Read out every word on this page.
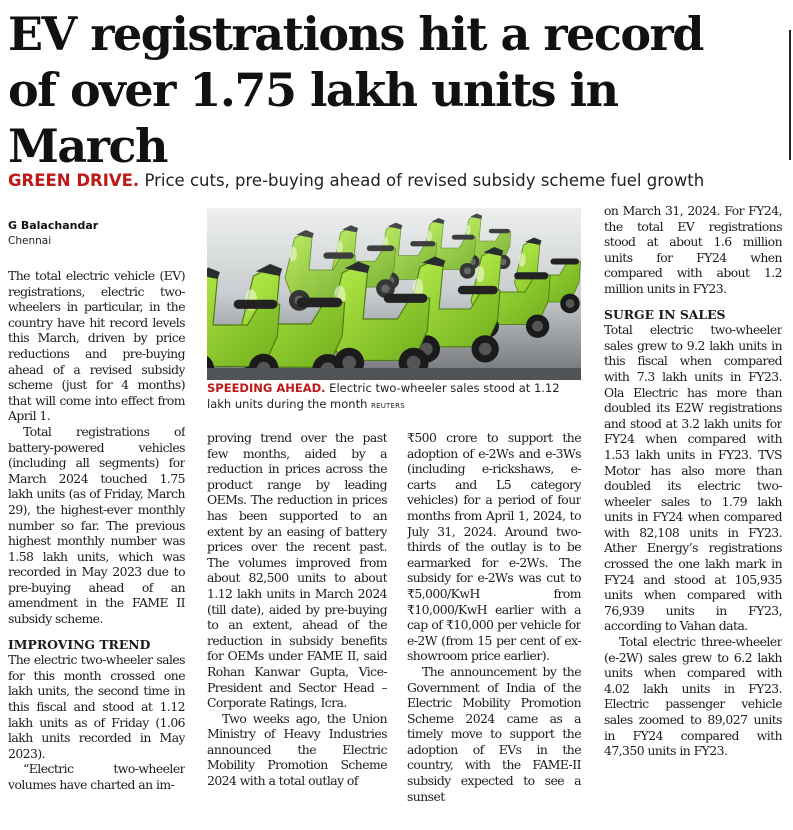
EV registrations hit a record
of over 1.75 lakh units in March
GREEN DRIVE. Price cuts, pre-buying ahead of revised subsidy scheme fuel growth
G Balachandar
Chennai

The total electric vehicle (EV) registrations, electric two-wheelers in particular, in the country have hit record levels this March, driven by price reductions and pre-buying ahead of a revised subsidy scheme (just for 4 months) that will come into effect from April 1.

Total registrations of battery-powered vehicles (including all segments) for March 2024 touched 1.75 lakh units (as of Friday, March 29), the highest-ever monthly number so far. The previous highest monthly number was 1.58 lakh units, which was recorded in May 2023 due to pre-buying ahead of an amendment in the FAME II subsidy scheme.

IMPROVING TREND

The electric two-wheeler sales for this month crossed one lakh units, the second time in this fiscal and stood at 1.12 lakh units as of Friday (1.06 lakh units recorded in May 2023).

“Electric two-wheeler volumes have charted an im-

SPEEDING AHEAD. Electric two-wheeler sales stood at 1.12 lakh units during the month REUTERS

proving trend over the past few months, aided by a reduction in prices across the product range by leading OEMs. The reduction in prices has been supported to an extent by an easing of battery prices over the recent past. The volumes improved from about 82,500 units to about 1.12 lakh units in March 2024 (till date), aided by pre-buying to an extent, ahead of the reduction in subsidy benefits for OEMs under FAME II, said Rohan Kanwar Gupta, Vice-President and Sector Head – Corporate Ratings, Icra.

Two weeks ago, the Union Ministry of Heavy Industries announced the Electric Mobility Promotion Scheme 2024 with a total outlay of

₹500 crore to support the adoption of e-2Ws and e-3Ws (including e-rickshaws, e-carts and L5 category vehicles) for a period of four months from April 1, 2024, to July 31, 2024. Around two-thirds of the outlay is to be earmarked for e-2Ws. The subsidy for e-2Ws was cut to ₹5,000/KwH from ₹10,000/KwH earlier with a cap of ₹10,000 per vehicle for e-2W (from 15 per cent of ex-showroom price earlier).

The announcement by the Government of India of the Electric Mobility Promotion Scheme 2024 came as a timely move to support the adoption of EVs in the country, with the FAME-II subsidy expected to see a sunset

on March 31, 2024. For FY24, the total EV registrations stood at about 1.6 million units for FY24 when compared with about 1.2 million units in FY23.

SURGE IN SALES

Total electric two-wheeler sales grew to 9.2 lakh units in this fiscal when compared with 7.3 lakh units in FY23. Ola Electric has more than doubled its E2W registrations and stood at 3.2 lakh units for FY24 when compared with 1.53 lakh units in FY23. TVS Motor has also more than doubled its electric two-wheeler sales to 1.79 lakh units in FY24 when compared with 82,108 units in FY23. Ather Energy’s registrations crossed the one lakh mark in FY24 and stood at 105,935 units when compared with 76,939 units in FY23, according to Vahan data.

Total electric three-wheeler (e-2W) sales grew to 6.2 lakh units when compared with 4.02 lakh units in FY23. Electric passenger vehicle sales zoomed to 89,027 units in FY24 compared with 47,350 units in FY23.
